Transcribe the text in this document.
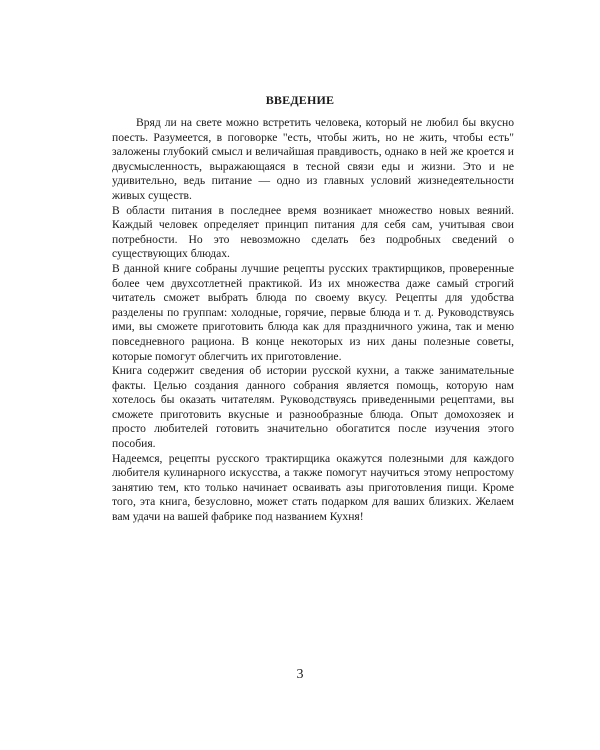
ВВЕДЕНИЕ

Вряд ли на свете можно встретить человека, который не любил бы вкусно поесть. Разумеется, в поговорке "есть, чтобы жить, но не жить, чтобы есть" заложены глубокий смысл и величайшая правдивость, однако в ней же кроется и двусмысленность, выражающаяся в тесной связи еды и жизни. Это и не удивительно, ведь питание — одно из главных условий жизнедеятельности живых существ.

В области питания в последнее время возникает множество новых веяний. Каждый человек определяет принцип питания для себя сам, учитывая свои потребности. Но это невозможно сделать без подробных сведений о существующих блюдах.

В данной книге собраны лучшие рецепты русских трактирщиков, проверенные более чем двухсотлетней практикой. Из их множества даже самый строгий читатель сможет выбрать блюда по своему вкусу. Рецепты для удобства разделены по группам: холодные, горячие, первые блюда и т. д. Руководствуясь ими, вы сможете приготовить блюда как для праздничного ужина, так и меню повседневного рациона. В конце некоторых из них даны полезные советы, которые помогут облегчить их приготовление.

Книга содержит сведения об истории русской кухни, а также занимательные факты. Целью создания данного собрания является помощь, которую нам хотелось бы оказать читателям. Руководствуясь приведенными рецептами, вы сможете приготовить вкусные и разнообразные блюда. Опыт домохозяек и просто любителей готовить значительно обогатится после изучения этого пособия.

Надеемся, рецепты русского трактирщика окажутся полезными для каждого любителя кулинарного искусства, а также помогут научиться этому непростому занятию тем, кто только начинает осваивать азы приготовления пищи. Кроме того, эта книга, безусловно, может стать подарком для ваших близких. Желаем вам удачи на вашей фабрике под названием Кухня!

3
